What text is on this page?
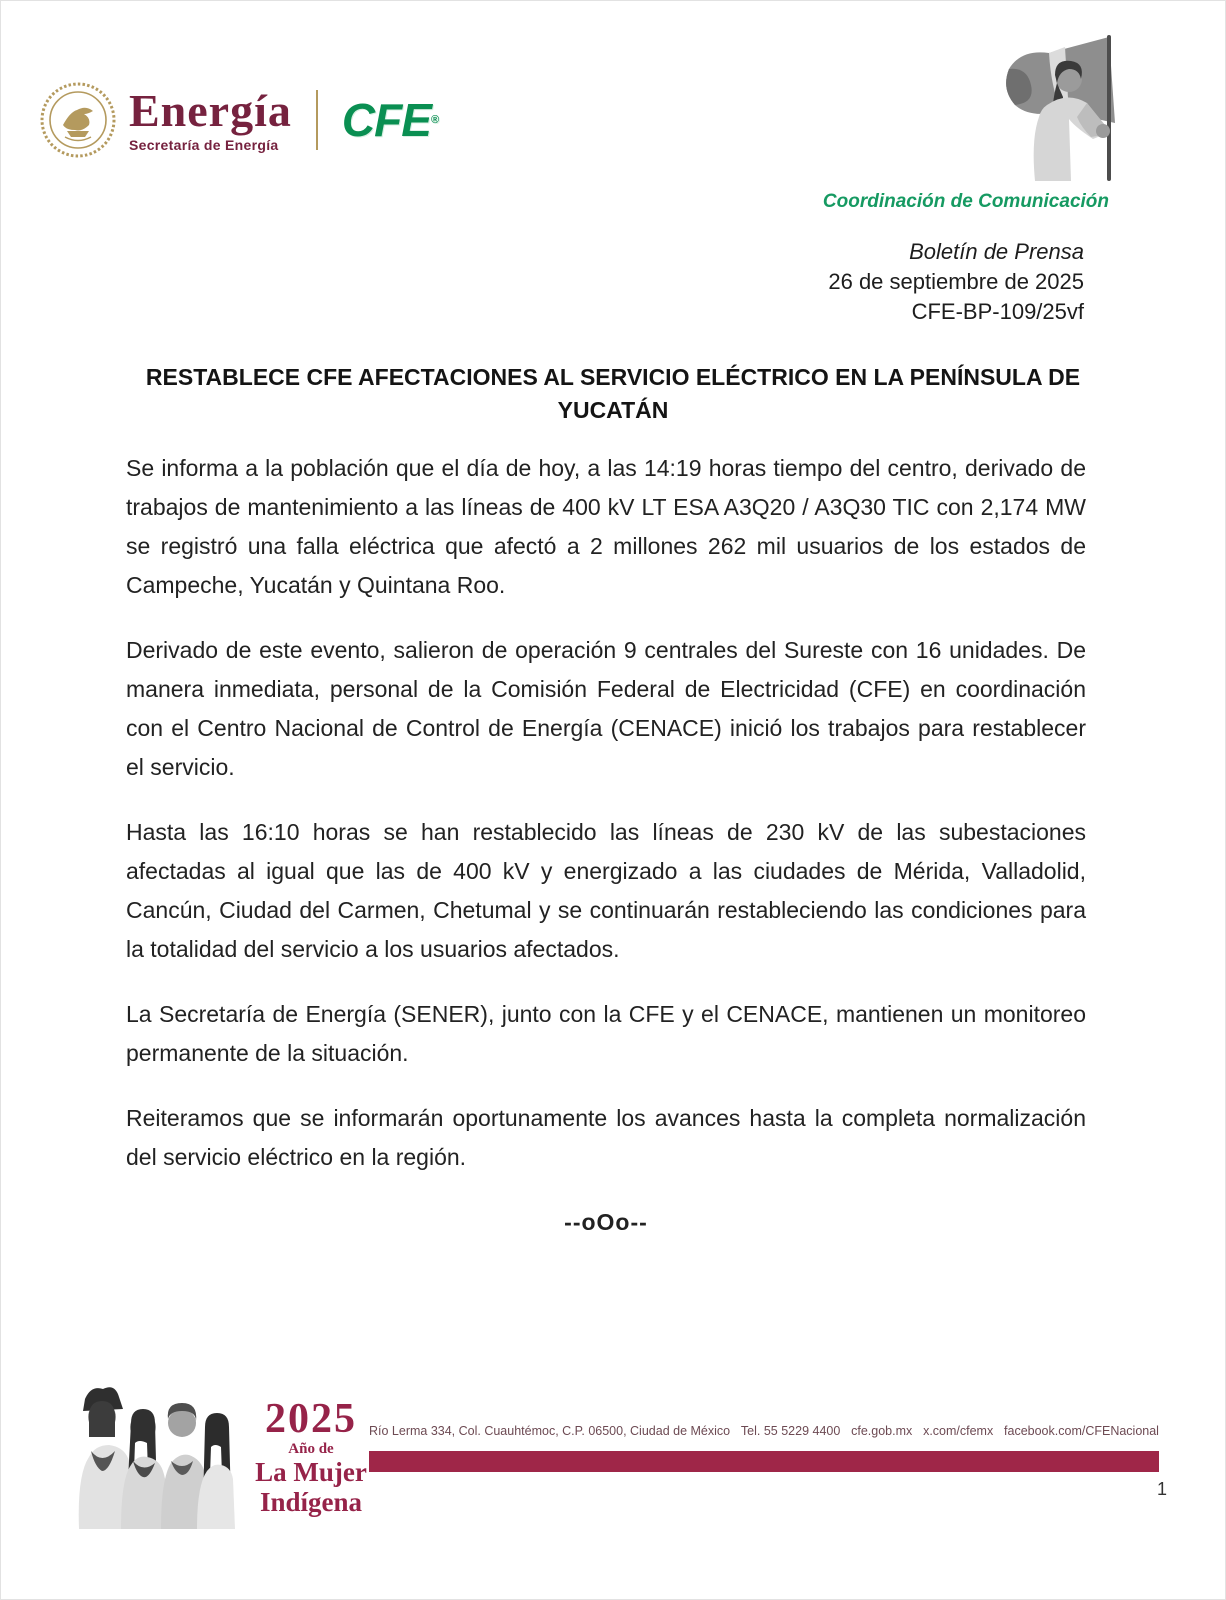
Energía
Secretaría de Energía CFE®
Coordinación de Comunicación
Boletín de Prensa
26 de septiembre de 2025
CFE-BP-109/25vf
RESTABLECE CFE AFECTACIONES AL SERVICIO ELÉCTRICO EN LA PENÍNSULA DE YUCATÁN

Se informa a la población que el día de hoy, a las 14:19 horas tiempo del centro, derivado de trabajos de mantenimiento a las líneas de 400 kV LT ESA A3Q20 / A3Q30 TIC con 2,174 MW se registró una falla eléctrica que afectó a 2 millones 262 mil usuarios de los estados de Campeche, Yucatán y Quintana Roo.

Derivado de este evento, salieron de operación 9 centrales del Sureste con 16 unidades. De manera inmediata, personal de la Comisión Federal de Electricidad (CFE) en coordinación con el Centro Nacional de Control de Energía (CENACE) inició los trabajos para restablecer el servicio.

Hasta las 16:10 horas se han restablecido las líneas de 230 kV de las subestaciones afectadas al igual que las de 400 kV y energizado a las ciudades de Mérida, Valladolid, Cancún, Ciudad del Carmen, Chetumal y se continuarán restableciendo las condiciones para la totalidad del servicio a los usuarios afectados.

La Secretaría de Energía (SENER), junto con la CFE y el CENACE, mantienen un monitoreo permanente de la situación.

Reiteramos que se informarán oportunamente los avances hasta la completa normalización del servicio eléctrico en la región.

--oOo--
2025
Año de
La Mujer
Indígena
Río Lerma 334, Col. Cuauhtémoc, C.P. 06500, Ciudad de México Tel. 55 5229 4400 cfe.gob.mx x.com/cfemx facebook.com/CFENacional
1
